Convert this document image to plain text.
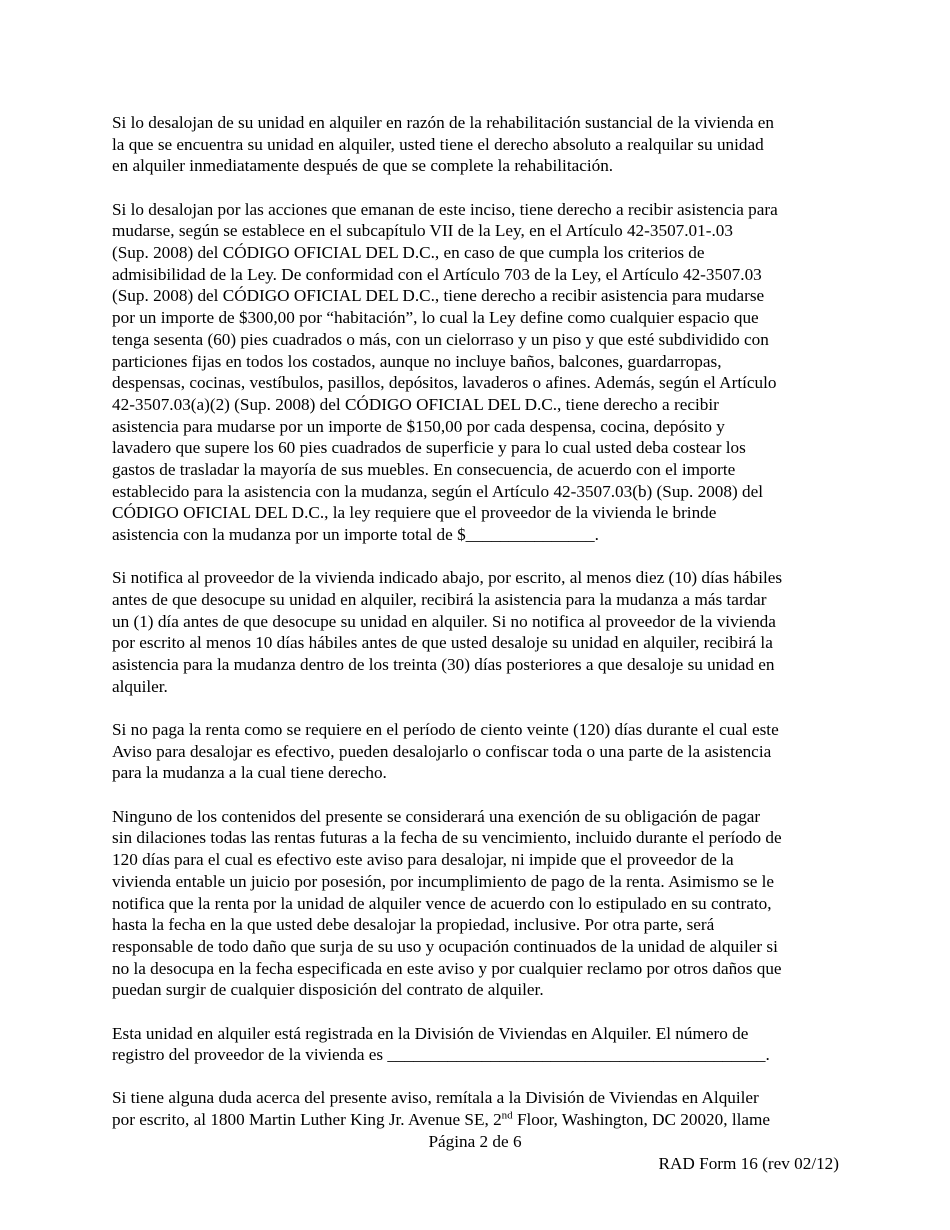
Si lo desalojan de su unidad en alquiler en razón de la rehabilitación sustancial de la vivienda en
la que se encuentra su unidad en alquiler, usted tiene el derecho absoluto a realquilar su unidad
en alquiler inmediatamente después de que se complete la rehabilitación.

Si lo desalojan por las acciones que emanan de este inciso, tiene derecho a recibir asistencia para
mudarse, según se establece en el subcapítulo VII de la Ley, en el Artículo 42-3507.01-.03
(Sup. 2008) del CÓDIGO OFICIAL DEL D.C., en caso de que cumpla los criterios de
admisibilidad de la Ley. De conformidad con el Artículo 703 de la Ley, el Artículo 42-3507.03
(Sup. 2008) del CÓDIGO OFICIAL DEL D.C., tiene derecho a recibir asistencia para mudarse
por un importe de $300,00 por “habitación”, lo cual la Ley define como cualquier espacio que
tenga sesenta (60) pies cuadrados o más, con un cielorraso y un piso y que esté subdividido con
particiones fijas en todos los costados, aunque no incluye baños, balcones, guardarropas,
despensas, cocinas, vestíbulos, pasillos, depósitos, lavaderos o afines. Además, según el Artículo
42-3507.03(a)(2) (Sup. 2008) del CÓDIGO OFICIAL DEL D.C., tiene derecho a recibir
asistencia para mudarse por un importe de $150,00 por cada despensa, cocina, depósito y
lavadero que supere los 60 pies cuadrados de superficie y para lo cual usted deba costear los
gastos de trasladar la mayoría de sus muebles. En consecuencia, de acuerdo con el importe
establecido para la asistencia con la mudanza, según el Artículo 42-3507.03(b) (Sup. 2008) del
CÓDIGO OFICIAL DEL D.C., la ley requiere que el proveedor de la vivienda le brinde
asistencia con la mudanza por un importe total de $_______________.

Si notifica al proveedor de la vivienda indicado abajo, por escrito, al menos diez (10) días hábiles
antes de que desocupe su unidad en alquiler, recibirá la asistencia para la mudanza a más tardar
un (1) día antes de que desocupe su unidad en alquiler. Si no notifica al proveedor de la vivienda
por escrito al menos 10 días hábiles antes de que usted desaloje su unidad en alquiler, recibirá la
asistencia para la mudanza dentro de los treinta (30) días posteriores a que desaloje su unidad en
alquiler.

Si no paga la renta como se requiere en el período de ciento veinte (120) días durante el cual este
Aviso para desalojar es efectivo, pueden desalojarlo o confiscar toda o una parte de la asistencia
para la mudanza a la cual tiene derecho.

Ninguno de los contenidos del presente se considerará una exención de su obligación de pagar
sin dilaciones todas las rentas futuras a la fecha de su vencimiento, incluido durante el período de
120 días para el cual es efectivo este aviso para desalojar, ni impide que el proveedor de la
vivienda entable un juicio por posesión, por incumplimiento de pago de la renta. Asimismo se le
notifica que la renta por la unidad de alquiler vence de acuerdo con lo estipulado en su contrato,
hasta la fecha en la que usted debe desalojar la propiedad, inclusive. Por otra parte, será
responsable de todo daño que surja de su uso y ocupación continuados de la unidad de alquiler si
no la desocupa en la fecha especificada en este aviso y por cualquier reclamo por otros daños que
puedan surgir de cualquier disposición del contrato de alquiler.

Esta unidad en alquiler está registrada en la División de Viviendas en Alquiler. El número de
registro del proveedor de la vivienda es ____________________________________________.

Si tiene alguna duda acerca del presente aviso, remítala a la División de Viviendas en Alquiler
por escrito, al 1800 Martin Luther King Jr. Avenue SE, 2nd Floor, Washington, DC 20020, llame

Página 2 de 6
RAD Form 16 (rev 02/12)
